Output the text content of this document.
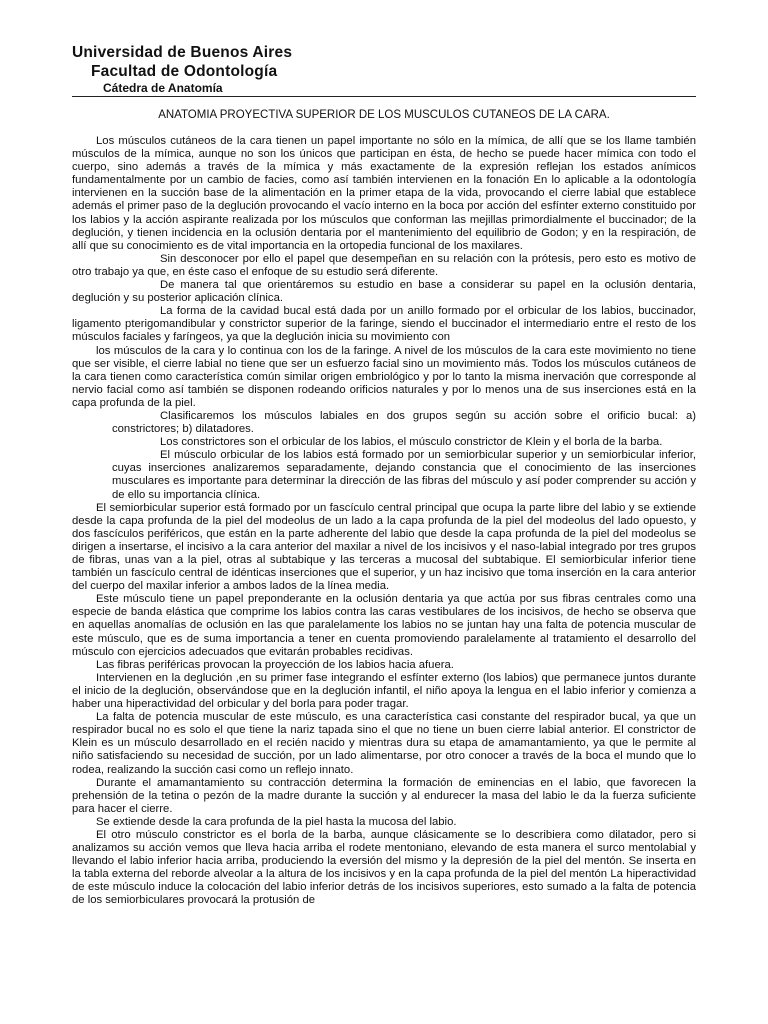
Universidad de Buenos Aires
Facultad de Odontología
Cátedra de Anatomía
ANATOMIA PROYECTIVA SUPERIOR DE LOS MUSCULOS CUTANEOS DE LA CARA.

Los músculos cutáneos de la cara tienen un papel importante no sólo en la mímica, de allí que se los llame también músculos de la mímica, aunque no son los únicos que participan en ésta, de hecho se puede hacer mímica con todo el cuerpo, sino además a través de la mímica y más exactamente de la expresión reflejan los estados anímicos fundamentalmente por un cambio de facies, como así también intervienen en la fonación En lo aplicable a la odontología intervienen en la succión base de la alimentación en la primer etapa de la vida, provocando el cierre labial que establece además el primer paso de la deglución provocando el vacío interno en la boca por acción del esfínter externo constituido por los labios y la acción aspirante realizada por los músculos que conforman las mejillas primordialmente el buccinador; de la deglución, y tienen incidencia en la oclusión dentaria por el mantenimiento del equilibrio de Godon; y en la respiración, de allí que su conocimiento es de vital importancia en la ortopedia funcional de los maxilares.

Sin desconocer por ello el papel que desempeñan en su relación con la prótesis, pero esto es motivo de otro trabajo ya que, en éste caso el enfoque de su estudio será diferente.

De manera tal que orientáremos su estudio en base a considerar su papel en la oclusión dentaria, deglución y su posterior aplicación clínica.

La forma de la cavidad bucal está dada por un anillo formado por el orbicular de los labios, buccinador, ligamento pterigomandibular y constrictor superior de la faringe, siendo el buccinador el intermediario entre el resto de los músculos faciales y faríngeos, ya que la deglución inicia su movimiento con

los músculos de la cara y lo continua con los de la faringe. A nivel de los músculos de la cara este movimiento no tiene que ser visible, el cierre labial no tiene que ser un esfuerzo facial sino un movimiento más. Todos los músculos cutáneos de la cara tienen como característica común similar origen embriológico y por lo tanto la misma inervación que corresponde al nervio facial como así también se disponen rodeando orificios naturales y por lo menos una de sus inserciones está en la capa profunda de la piel.

Clasificaremos los músculos labiales en dos grupos según su acción sobre el orificio bucal: a) constrictores; b) dilatadores.

Los constrictores son el orbicular de los labios, el músculo constrictor de Klein y el borla de la barba.

El músculo orbicular de los labios está formado por un semiorbicular superior y un semiorbicular inferior, cuyas inserciones analizaremos separadamente, dejando constancia que el conocimiento de las inserciones musculares es importante para determinar la dirección de las fibras del músculo y así poder comprender su acción y de ello su importancia clínica.

El semiorbicular superior está formado por un fascículo central principal que ocupa la parte libre del labio y se extiende desde la capa profunda de la piel del modeolus de un lado a la capa profunda de la piel del modeolus del lado opuesto, y dos fascículos periféricos, que están en la parte adherente del labio que desde la capa profunda de la piel del modeolus se dirigen a insertarse, el incisivo a la cara anterior del maxilar a nivel de los incisivos y el naso-labial integrado por tres grupos de fibras, unas van a la piel, otras al subtabique y las terceras a mucosal del subtabique. El semiorbicular inferior tiene también un fascículo central de idénticas inserciones que el superior, y un haz incisivo que toma inserción en la cara anterior del cuerpo del maxilar inferior a ambos lados de la línea media.

Este músculo tiene un papel preponderante en la oclusión dentaria ya que actúa por sus fibras centrales como una especie de banda elástica que comprime los labios contra las caras vestibulares de los incisivos, de hecho se observa que en aquellas anomalías de oclusión en las que paralelamente los labios no se juntan hay una falta de potencia muscular de este músculo, que es de suma importancia a tener en cuenta promoviendo paralelamente al tratamiento el desarrollo del músculo con ejercicios adecuados que evitarán probables recidivas.

Las fibras periféricas provocan la proyección de los labios hacia afuera.

Intervienen en la deglución ,en su primer fase integrando el esfínter externo (los labios) que permanece juntos durante el inicio de la deglución, observándose que en la deglución infantil, el niño apoya la lengua en el labio inferior y comienza a haber una hiperactividad del orbicular y del borla para poder tragar.

La falta de potencia muscular de este músculo, es una característica casi constante del respirador bucal, ya que un respirador bucal no es solo el que tiene la nariz tapada sino el que no tiene un buen cierre labial anterior. El constrictor de Klein es un músculo desarrollado en el recién nacido y mientras dura su etapa de amamantamiento, ya que le permite al niño satisfaciendo su necesidad de succión, por un lado alimentarse, por otro conocer a través de la boca el mundo que lo rodea, realizando la succión casi como un reflejo innato.

Durante el amamantamiento su contracción determina la formación de eminencias en el labio, que favorecen la prehensión de la tetina o pezón de la madre durante la succión y al endurecer la masa del labio le da la fuerza suficiente para hacer el cierre.

Se extiende desde la cara profunda de la piel hasta la mucosa del labio.

El otro músculo constrictor es el borla de la barba, aunque clásicamente se lo describiera como dilatador, pero si analizamos su acción vemos que lleva hacia arriba el rodete mentoniano, elevando de esta manera el surco mentolabial y llevando el labio inferior hacia arriba, produciendo la eversión del mismo y la depresión de la piel del mentón. Se inserta en la tabla externa del reborde alveolar a la altura de los incisivos y en la capa profunda de la piel del mentón La hiperactividad de este músculo induce la colocación del labio inferior detrás de los incisivos superiores, esto sumado a la falta de potencia de los semiorbiculares provocará la protusión de
